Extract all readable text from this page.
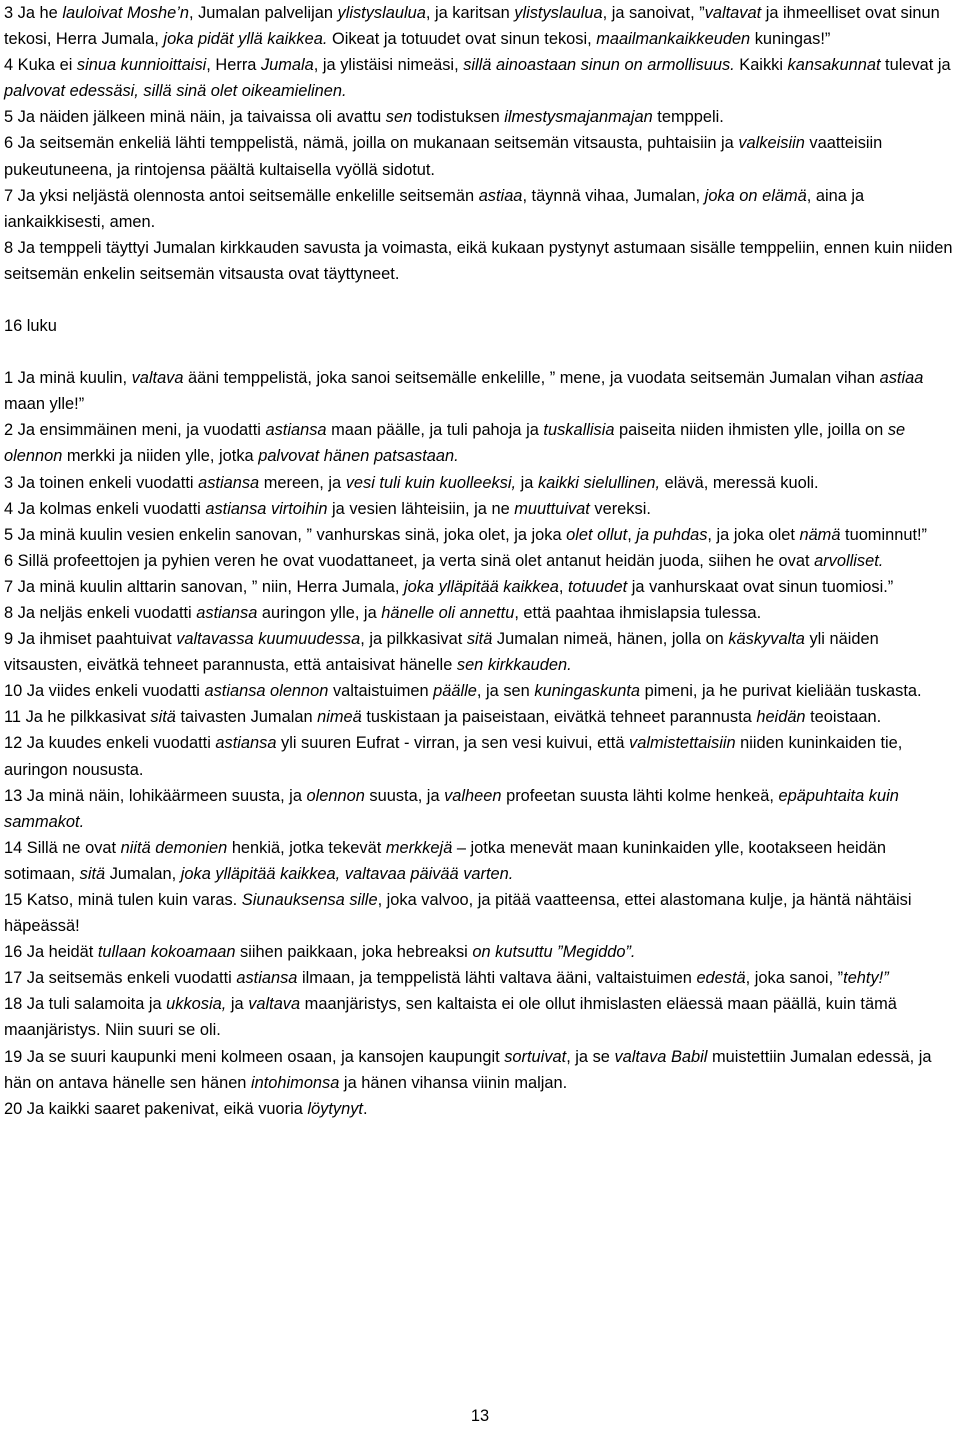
3 Ja he lauloivat Moshe’n, Jumalan palvelijan ylistyslaulua, ja karitsan ylistyslaulua, ja sanoivat, ”valtavat ja ihmeelliset ovat sinun tekosi, Herra Jumala, joka pidät yllä kaikkea. Oikeat ja totuudet ovat sinun tekosi, maailmankaikkeuden kuningas!”

4 Kuka ei sinua kunnioittaisi, Herra Jumala, ja ylistäisi nimeäsi, sillä ainoastaan sinun on armollisuus. Kaikki kansakunnat tulevat ja palvovat edessäsi, sillä sinä olet oikeamielinen.

5 Ja näiden jälkeen minä näin, ja taivaissa oli avattu sen todistuksen ilmestysmajanmajan temppeli.

6 Ja seitsemän enkeliä lähti temppelistä, nämä, joilla on mukanaan seitsemän vitsausta, puhtaisiin ja valkeisiin vaatteisiin pukeutuneena, ja rintojensa päältä kultaisella vyöllä sidotut.

7 Ja yksi neljästä olennosta antoi seitsemälle enkelille seitsemän astiaa, täynnä vihaa, Jumalan, joka on elämä, aina ja iankaikkisesti, amen.

8 Ja temppeli täyttyi Jumalan kirkkauden savusta ja voimasta, eikä kukaan pystynyt astumaan sisälle temppeliin, ennen kuin niiden seitsemän enkelin seitsemän vitsausta ovat täyttyneet.

16 luku

1 Ja minä kuulin, valtava ääni temppelistä, joka sanoi seitsemälle enkelille, ” mene, ja vuodata seitsemän Jumalan vihan astiaa maan ylle!”

2 Ja ensimmäinen meni, ja vuodatti astiansa maan päälle, ja tuli pahoja ja tuskallisia paiseita niiden ihmisten ylle, joilla on se olennon merkki ja niiden ylle, jotka palvovat hänen patsastaan.

3 Ja toinen enkeli vuodatti astiansa mereen, ja vesi tuli kuin kuolleeksi, ja kaikki sielullinen, elävä, meressä kuoli.

4 Ja kolmas enkeli vuodatti astiansa virtoihin ja vesien lähteisiin, ja ne muuttuivat vereksi.

5 Ja minä kuulin vesien enkelin sanovan, ” vanhurskas sinä, joka olet, ja joka olet ollut, ja puhdas, ja joka olet nämä tuominnut!”

6 Sillä profeettojen ja pyhien veren he ovat vuodattaneet, ja verta sinä olet antanut heidän juoda, siihen he ovat arvolliset.

7 Ja minä kuulin alttarin sanovan, ” niin, Herra Jumala, joka ylläpitää kaikkea, totuudet ja vanhurskaat ovat sinun tuomiosi.”

8 Ja neljäs enkeli vuodatti astiansa auringon ylle, ja hänelle oli annettu, että paahtaa ihmislapsia tulessa.

9 Ja ihmiset paahtuivat valtavassa kuumuudessa, ja pilkkasivat sitä Jumalan nimeä, hänen, jolla on käskyvalta yli näiden vitsausten, eivätkä tehneet parannusta, että antaisivat hänelle sen kirkkauden.

10 Ja viides enkeli vuodatti astiansa olennon valtaistuimen päälle, ja sen kuningaskunta pimeni, ja he purivat kieliään tuskasta.

11 Ja he pilkkasivat sitä taivasten Jumalan nimeä tuskistaan ja paiseistaan, eivätkä tehneet parannusta heidän teoistaan.

12 Ja kuudes enkeli vuodatti astiansa yli suuren Eufrat - virran, ja sen vesi kuivui, että valmistettaisiin niiden kuninkaiden tie, auringon noususta.

13 Ja minä näin, lohikäärmeen suusta, ja olennon suusta, ja valheen profeetan suusta lähti kolme henkeä, epäpuhtaita kuin sammakot.

14 Sillä ne ovat niitä demonien henkiä, jotka tekevät merkkejä – jotka menevät maan kuninkaiden ylle, kootakseen heidän sotimaan, sitä Jumalan, joka ylläpitää kaikkea, valtavaa päivää varten.

15 Katso, minä tulen kuin varas. Siunauksensa sille, joka valvoo, ja pitää vaatteensa, ettei alastomana kulje, ja häntä nähtäisi häpeässä!

16 Ja heidät tullaan kokoamaan siihen paikkaan, joka hebreaksi on kutsuttu ”Megiddo”.

17 Ja seitsemäs enkeli vuodatti astiansa ilmaan, ja temppelistä lähti valtava ääni, valtaistuimen edestä, joka sanoi, ”tehty!”

18 Ja tuli salamoita ja ukkosia, ja valtava maanjäristys, sen kaltaista ei ole ollut ihmislasten eläessä maan päällä, kuin tämä maanjäristys. Niin suuri se oli.

19 Ja se suuri kaupunki meni kolmeen osaan, ja kansojen kaupungit sortuivat, ja se valtava Babil muistettiin Jumalan edessä, ja hän on antava hänelle sen hänen intohimonsa ja hänen vihansa viinin maljan.

20 Ja kaikki saaret pakenivat, eikä vuoria löytynyt.

13
